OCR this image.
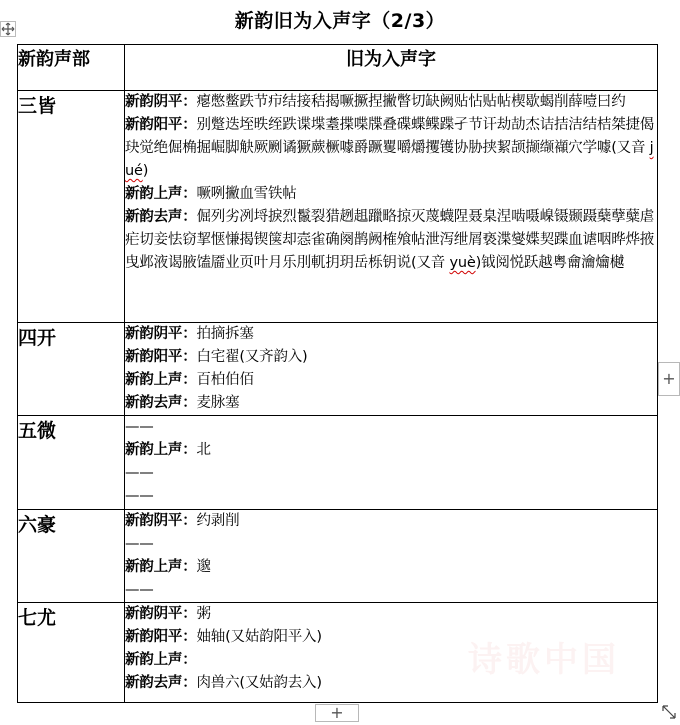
新韵旧为入声字（2/3）
新韵声部	旧为入声字
三皆	新韵阴平：瘪憋鳖跌节疖结接秸揭噘撅捏撇瞥切缺阙贴怗贴帖楔歇蝎削薛噎曰约
新韵阳平：别蹩迭垤昳绖跌谍堞耋揲喋牒叠碟蝶鲽蹀孑节讦劫劼杰诘拮洁结桔桀捷偈玦觉绝倔桷掘崛脚觖厥劂谲獗蕨橛噱爵蹶矍嚼爝攫镬协胁挟絜颉撷缬襭穴学噱(又音 jué)
新韵上声：噘咧撇血雪铁帖
新韵去声：倔列劣冽埒捩烈鬣裂猎趔趄躐略掠灭蔑蠛陧聂臬涅啮嗫嵲镊颞蹑蘖孽糵虐疟切妾怯窃挈惬慊揭锲箧却悫雀确阕鹊阙榷飧帖泄泻绁屑亵渫燮媟契蹀血谑咽晔烨掖曳邺液谒腋馌靥业页叶月乐刖軏抈玥岳栎钥说(又音 yuè)钺阅悦跃越粤龠瀹爚樾

四开	新韵阴平：拍摘拆塞
新韵阳平：白宅翟(又齐韵入)
新韵上声：百柏伯佰
新韵去声：麦脉塞

五微	——
新韵上声：北
——
——

六豪	新韵阴平：约剥削
——
新韵上声：邈
——

七尤	新韵阴平：粥
新韵阳平：妯轴(又姑韵阳平入)
新韵上声：
新韵去声：肉兽六(又姑韵去入)
+
+
诗歌中国
